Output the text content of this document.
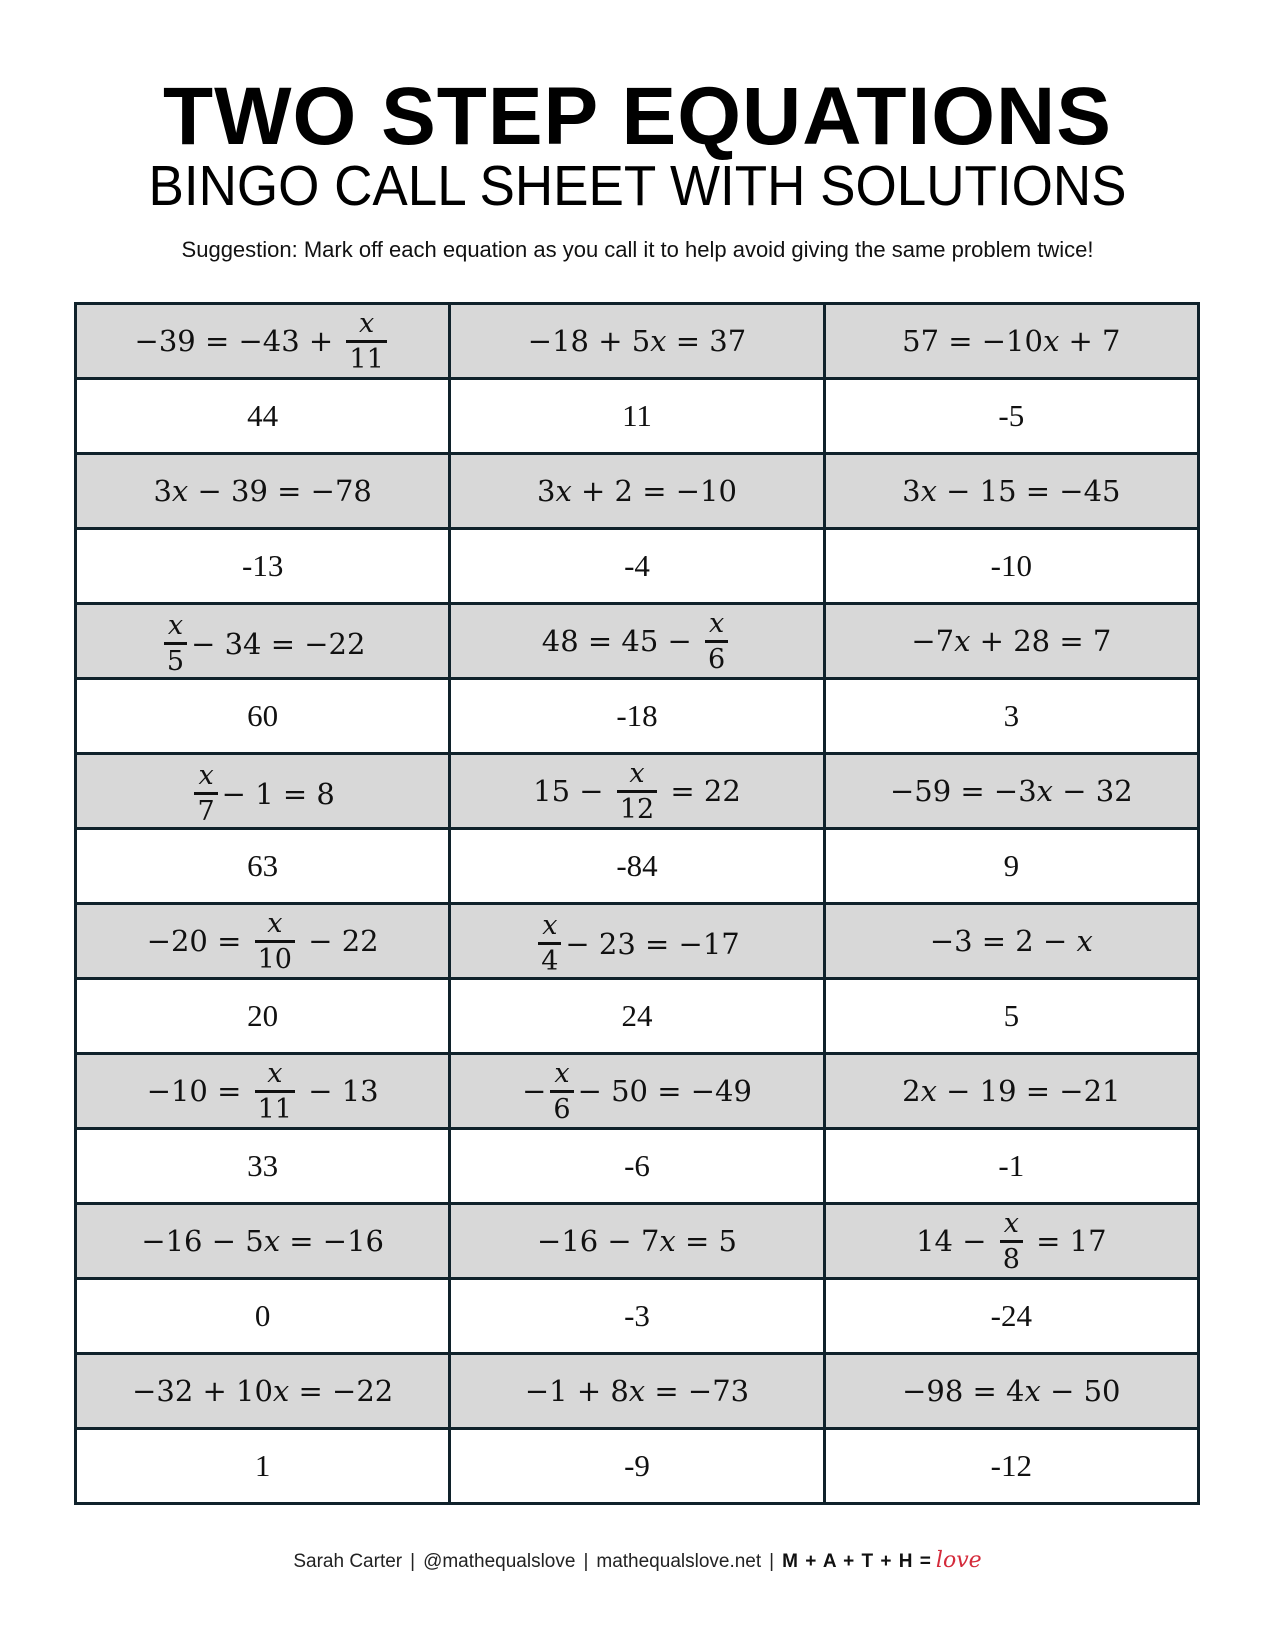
TWO STEP EQUATIONS
BINGO CALL SHEET WITH SOLUTIONS
Suggestion: Mark off each equation as you call it to help avoid giving the same problem twice!
$-39 = -43 + \frac{x}{11}$	−18 + 5𝑥 = 37	57 = −10𝑥 + 7

44	11	-5

3𝑥 − 39 = −78	3𝑥 + 2 = −10	3𝑥 − 15 = −45

-13	-4	-10

$\frac{x}{5} - 34 = -22$	$48 = 45 - \frac{x}{6}$	−7𝑥 + 28 = 7

60	-18	3

$\frac{x}{7} - 1 = 8$	$15 - \frac{x}{12} = 22$	−59 = −3𝑥 − 32

63	-84	9

$-20 = \frac{x}{10} - 22$	$\frac{x}{4} - 23 = -17$	−3 = 2 − 𝑥

20	24	5

$-10 = \frac{x}{11} - 13$	− $\frac{x}{6} - 50 = -49$	2𝑥 − 19 = −21

33	-6	-1

−16 − 5𝑥 = −16	−16 − 7𝑥 = 5	$14 - \frac{x}{8} = 17$

0	-3	-24

−32 + 10𝑥 = −22	−1 + 8𝑥 = −73	−98 = 4𝑥 − 50

1	-9	-12
Sarah Carter | @mathequalslove | mathequalslove.net | M + A + T + H = love
